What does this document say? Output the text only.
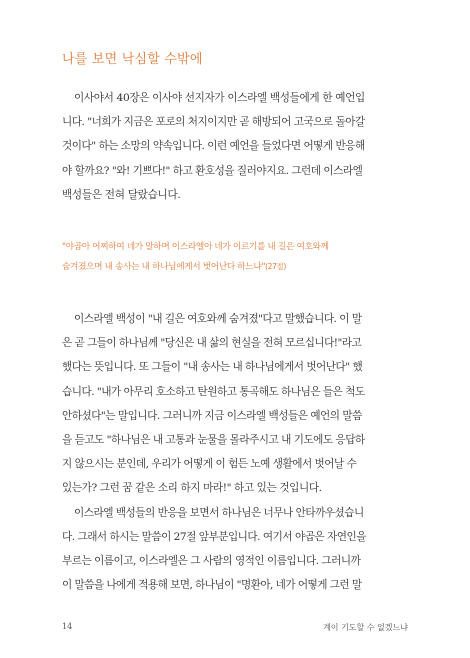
나를 보면 낙심할 수밖에
이사야서 40장은 이사야 선지자가 이스라엘 백성들에게 한 예언입
니다. "너희가 지금은 포로의 처지이지만 곧 해방되어 고국으로 돌아갈
것이다" 하는 소망의 약속입니다. 이런 예언을 들었다면 어떻게 반응해
야 할까요? "와! 기쁘다!" 하고 환호성을 질러야지요. 그런데 이스라엘
백성들은 전혀 달랐습니다.
"야곱아 어찌하여 네가 말하며 이스라엘아 네가 이르기를 내 길은 여호와께
숨겨졌으며 내 송사는 내 하나님에게서 벗어난다 하느냐"(27절)
이스라엘 백성이 "내 길은 여호와께 숨겨졌"다고 말했습니다. 이 말
은 곧 그들이 하나님께 "당신은 내 삶의 현실을 전혀 모르십니다!"라고
했다는 뜻입니다. 또 그들이 "내 송사는 내 하나님에게서 벗어난다" 했
습니다. "내가 아무리 호소하고 탄원하고 통곡해도 하나님은 들은 척도
안하셨다"는 말입니다. 그러니까 지금 이스라엘 백성들은 예언의 말씀
을 듣고도 "하나님은 내 고통과 눈물을 몰라주시고 내 기도에도 응답하
지 않으시는 분인데, 우리가 어떻게 이 험든 노예 생활에서 벗어날 수
있는가? 그런 꿈 같은 소리 하지 마라!" 하고 있는 것입니다.
이스라엘 백성들의 반응을 보면서 하나님은 너무나 안타까우셨습니
다. 그래서 하시는 말씀이 27절 앞부분입니다. 여기서 야곱은 자연인을
부르는 이름이고, 이스라엘은 그 사람의 영적인 이름입니다. 그러니까
이 말씀을 나에게 적용해 보면, 하나님이 "명환아, 네가 어떻게 그런 말
14	계이 기도할 수 없겠느냐
